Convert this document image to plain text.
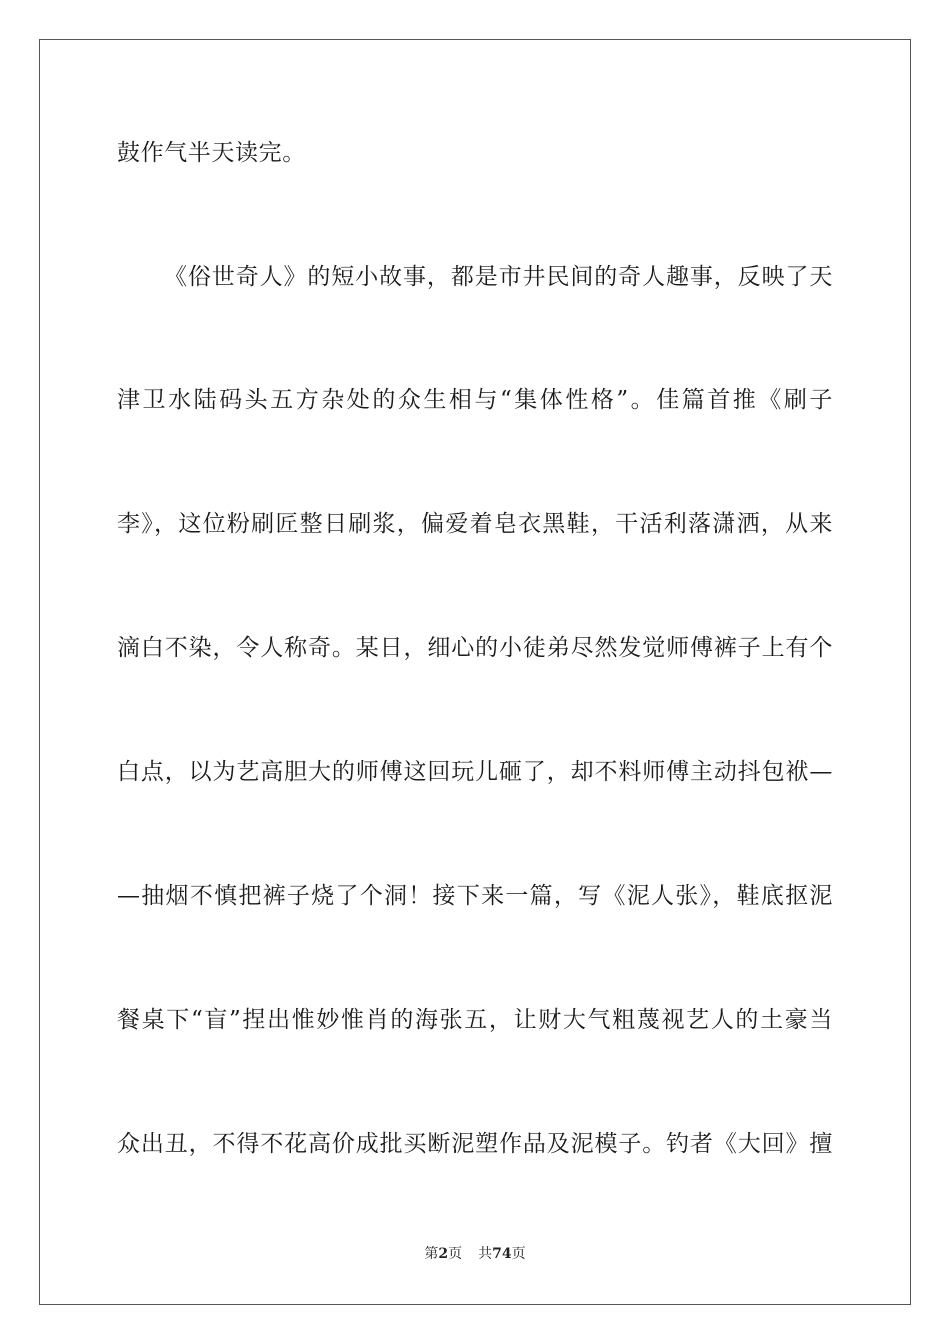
鼓作气半天读完。
《俗世奇人》的短小故事，都是市井民间的奇人趣事，反映了天
津卫水陆码头五方杂处的众生相与“集体性格”。佳篇首推《刷子
李》，这位粉刷匠整日刷浆，偏爱着皂衣黑鞋，干活利落潇洒，从来
滴白不染，令人称奇。某日，细心的小徒弟尽然发觉师傅裤子上有个
白点，以为艺高胆大的师傅这回玩儿砸了，却不料师傅主动抖包袱—
—抽烟不慎把裤子烧了个洞！接下来一篇，写《泥人张》，鞋底抠泥
餐桌下“盲”捏出惟妙惟肖的海张五，让财大气粗蔑视艺人的土豪当
众出丑，不得不花高价成批买断泥塑作品及泥模子。钓者《大回》擅
第2页 共74页
